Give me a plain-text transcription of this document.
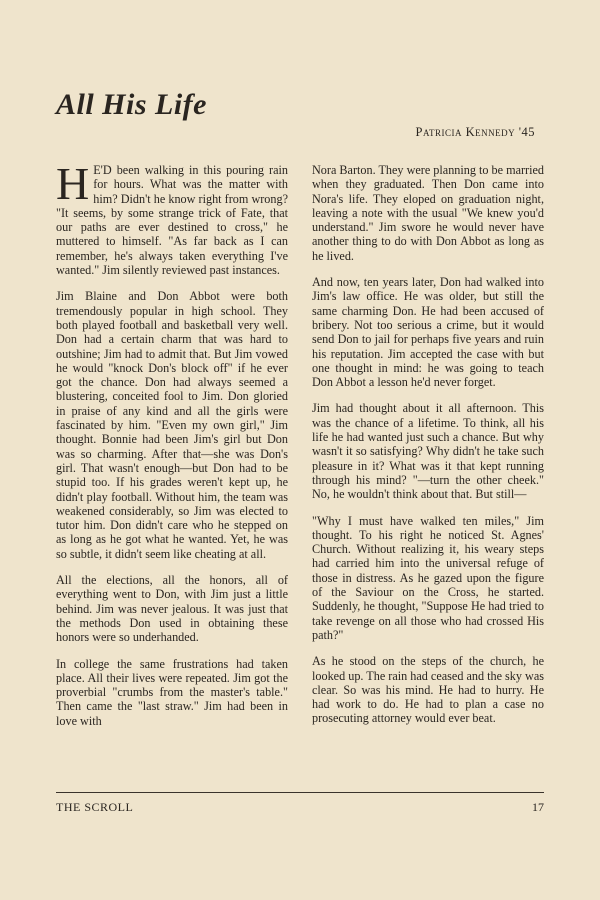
All His Life
Patricia Kennedy '45

H E'D been walking in this pouring rain for hours. What was the matter with him? Didn't he know right from wrong? "It seems, by some strange trick of Fate, that our paths are ever destined to cross," he muttered to himself. "As far back as I can remember, he's always taken everything I've wanted." Jim silently reviewed past instances.

Jim Blaine and Don Abbot were both tremendously popular in high school. They both played football and basketball very well. Don had a certain charm that was hard to outshine; Jim had to admit that. But Jim vowed he would "knock Don's block off" if he ever got the chance. Don had always seemed a blustering, conceited fool to Jim. Don gloried in praise of any kind and all the girls were fascinated by him. "Even my own girl," Jim thought. Bonnie had been Jim's girl but Don was so charming. After that—she was Don's girl. That wasn't enough—but Don had to be stupid too. If his grades weren't kept up, he didn't play football. Without him, the team was weakened considerably, so Jim was elected to tutor him. Don didn't care who he stepped on as long as he got what he wanted. Yet, he was so subtle, it didn't seem like cheating at all.

All the elections, all the honors, all of everything went to Don, with Jim just a little behind. Jim was never jealous. It was just that the methods Don used in obtaining these honors were so underhanded.

In college the same frustrations had taken place. All their lives were repeated. Jim got the proverbial "crumbs from the master's table." Then came the "last straw." Jim had been in love with

Nora Barton. They were planning to be married when they graduated. Then Don came into Nora's life. They eloped on graduation night, leaving a note with the usual "We knew you'd understand." Jim swore he would never have another thing to do with Don Abbot as long as he lived.

And now, ten years later, Don had walked into Jim's law office. He was older, but still the same charming Don. He had been accused of bribery. Not too serious a crime, but it would send Don to jail for perhaps five years and ruin his reputation. Jim accepted the case with but one thought in mind: he was going to teach Don Abbot a lesson he'd never forget.

Jim had thought about it all afternoon. This was the chance of a lifetime. To think, all his life he had wanted just such a chance. But why wasn't it so satisfying? Why didn't he take such pleasure in it? What was it that kept running through his mind? "—turn the other cheek." No, he wouldn't think about that. But still—

"Why I must have walked ten miles," Jim thought. To his right he noticed St. Agnes' Church. Without realizing it, his weary steps had carried him into the universal refuge of those in distress. As he gazed upon the figure of the Saviour on the Cross, he started. Suddenly, he thought, "Suppose He had tried to take revenge on all those who had crossed His path?"

As he stood on the steps of the church, he looked up. The rain had ceased and the sky was clear. So was his mind. He had to hurry. He had work to do. He had to plan a case no prosecuting attorney would ever beat.

THE SCROLL	17
